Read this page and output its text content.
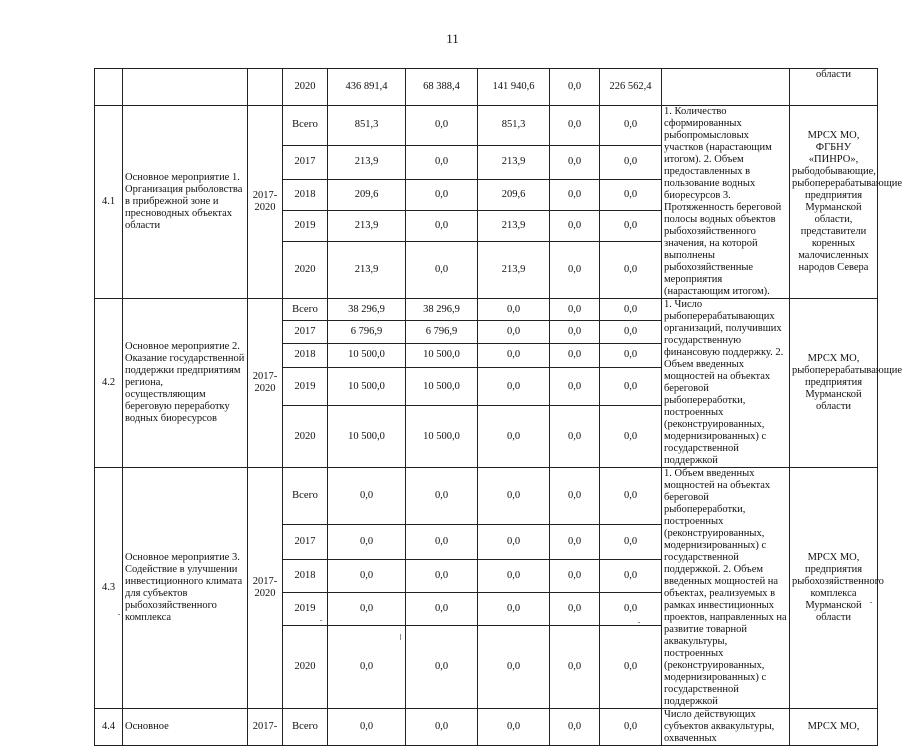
11
			2020	436 891,4	68 388,4	141 940,6	0,0	226 562,4		области
4.1	Основное мероприятие 1. Организация рыболовства в прибрежной зоне и пресноводных объектах области	2017-2020	Всего	851,3	0,0	851,3	0,0	0,0	1. Количество сформированных рыбопромысловых участков (нарастающим итогом). 2. Объем предоставленных в пользование водных биоресурсов 3. Протяженность береговой полосы водных объектов рыбохозяйственного значения, на которой выполнены рыбохозяйственные мероприятия (нарастающим итогом).	МРСХ МО, ФГБНУ «ПИНРО», рыбодобывающие, рыбоперерабатывающие предприятия Мурманской области, представители коренных малочисленных народов Севера
			2017	213,9	0,0	213,9	0,0	0,0		
			2018	209,6	0,0	209,6	0,0	0,0		
			2019	213,9	0,0	213,9	0,0	0,0		
			2020	213,9	0,0	213,9	0,0	0,0		
4.2	Основное мероприятие 2. Оказание государственной поддержки предприятиям региона, осуществляющим береговую переработку водных биоресурсов	2017-2020	Всего	38 296,9	38 296,9	0,0	0,0	0,0	1. Число рыбоперерабатывающих организаций, получивших государственную финансовую поддержку. 2. Объем введенных мощностей на объектах береговой рыбопереработки, построенных (реконструированных, модернизированных) с государственной поддержкой	МРСХ МО, рыбоперерабатывающие предприятия Мурманской области
			2017	6 796,9	6 796,9	0,0	0,0	0,0		
			2018	10 500,0	10 500,0	0,0	0,0	0,0		
			2019	10 500,0	10 500,0	0,0	0,0	0,0		
			2020	10 500,0	10 500,0	0,0	0,0	0,0		
4.3	Основное мероприятие 3. Содействие в улучшении инвестиционного климата для субъектов рыбохозяйственного комплекса	2017-2020	Всего	0,0	0,0	0,0	0,0	0,0	1. Объем введенных мощностей на объектах береговой рыбопереработки, построенных (реконструированных, модернизированных) с государственной поддержкой. 2. Объем введенных мощностей на объектах, реализуемых в рамках инвестиционных проектов, направленных на развитие товарной аквакультуры, построенных (реконструированных, модернизированных) с государственной поддержкой	МРСХ МО, предприятия рыбохозяйственного комплекса Мурманской области
			2017	0,0	0,0	0,0	0,0	0,0		
			2018	0,0	0,0	0,0	0,0	0,0		
			2019	0,0	0,0	0,0	0,0	0,0		
			2020	0,0	0,0	0,0	0,0	0,0		
4.4	Основное	2017-	Всего	0,0	0,0	0,0	0,0	0,0	Число действующих субъектов аквакультуры, охваченных	МРСХ МО,
